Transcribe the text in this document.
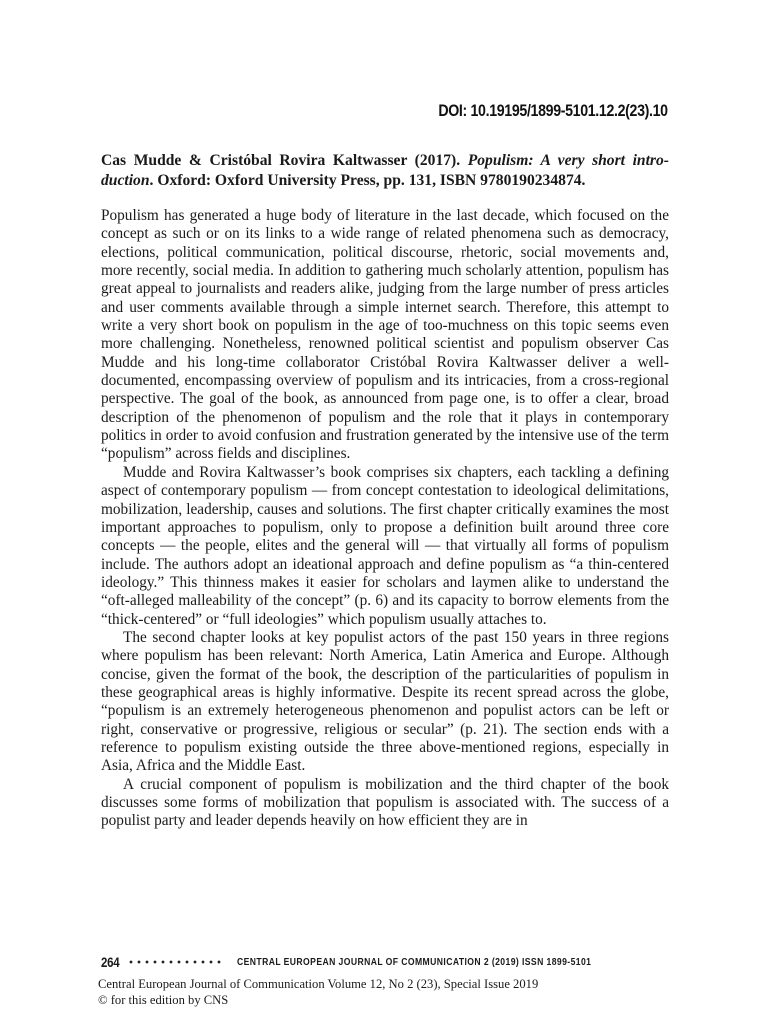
DOI: 10.19195/1899-5101.12.2(23).10
Cas Mudde & Cristóbal Rovira Kaltwasser (2017). Populism: A very short introduction. Oxford: Oxford University Press, pp. 131, ISBN 9780190234874.

Populism has generated a huge body of literature in the last decade, which focused on the concept as such or on its links to a wide range of related phenomena such as democracy, elections, political communication, political discourse, rhetoric, social movements and, more recently, social media. In addition to gathering much scholarly attention, populism has great appeal to journalists and readers alike, judging from the large number of press articles and user comments available through a simple internet search. Therefore, this attempt to write a very short book on populism in the age of too-muchness on this topic seems even more challenging. Nonetheless, renowned political scientist and populism observer Cas Mudde and his long-time collaborator Cristóbal Rovira Kaltwasser deliver a well-documented, encompassing overview of populism and its intricacies, from a cross-regional perspective. The goal of the book, as announced from page one, is to offer a clear, broad description of the phenomenon of populism and the role that it plays in contemporary politics in order to avoid confusion and frustration generated by the intensive use of the term “populism” across fields and disciplines.

Mudde and Rovira Kaltwasser’s book comprises six chapters, each tackling a defining aspect of contemporary populism — from concept contestation to ideological delimitations, mobilization, leadership, causes and solutions. The first chapter critically examines the most important approaches to populism, only to propose a definition built around three core concepts — the people, elites and the general will — that virtually all forms of populism include. The authors adopt an ideational approach and define populism as “a thin-centered ideology.” This thinness makes it easier for scholars and laymen alike to understand the “oft-alleged malleability of the concept” (p. 6) and its capacity to borrow elements from the “thick-centered” or “full ideologies” which populism usually attaches to.

The second chapter looks at key populist actors of the past 150 years in three regions where populism has been relevant: North America, Latin America and Europe. Although concise, given the format of the book, the description of the particularities of populism in these geographical areas is highly informative. Despite its recent spread across the globe, “populism is an extremely heterogeneous phenomenon and populist actors can be left or right, conservative or progressive, religious or secular” (p. 21). The section ends with a reference to populism existing outside the three above-mentioned regions, especially in Asia, Africa and the Middle East.

A crucial component of populism is mobilization and the third chapter of the book discusses some forms of mobilization that populism is associated with. The success of a populist party and leader depends heavily on how efficient they are in

264	CENTRAL EUROPEAN JOURNAL OF COMMUNICATION 2 (2019) ISSN 1899-5101
Central European Journal of Communication Volume 12, No 2 (23), Special Issue 2019
© for this edition by CNS
